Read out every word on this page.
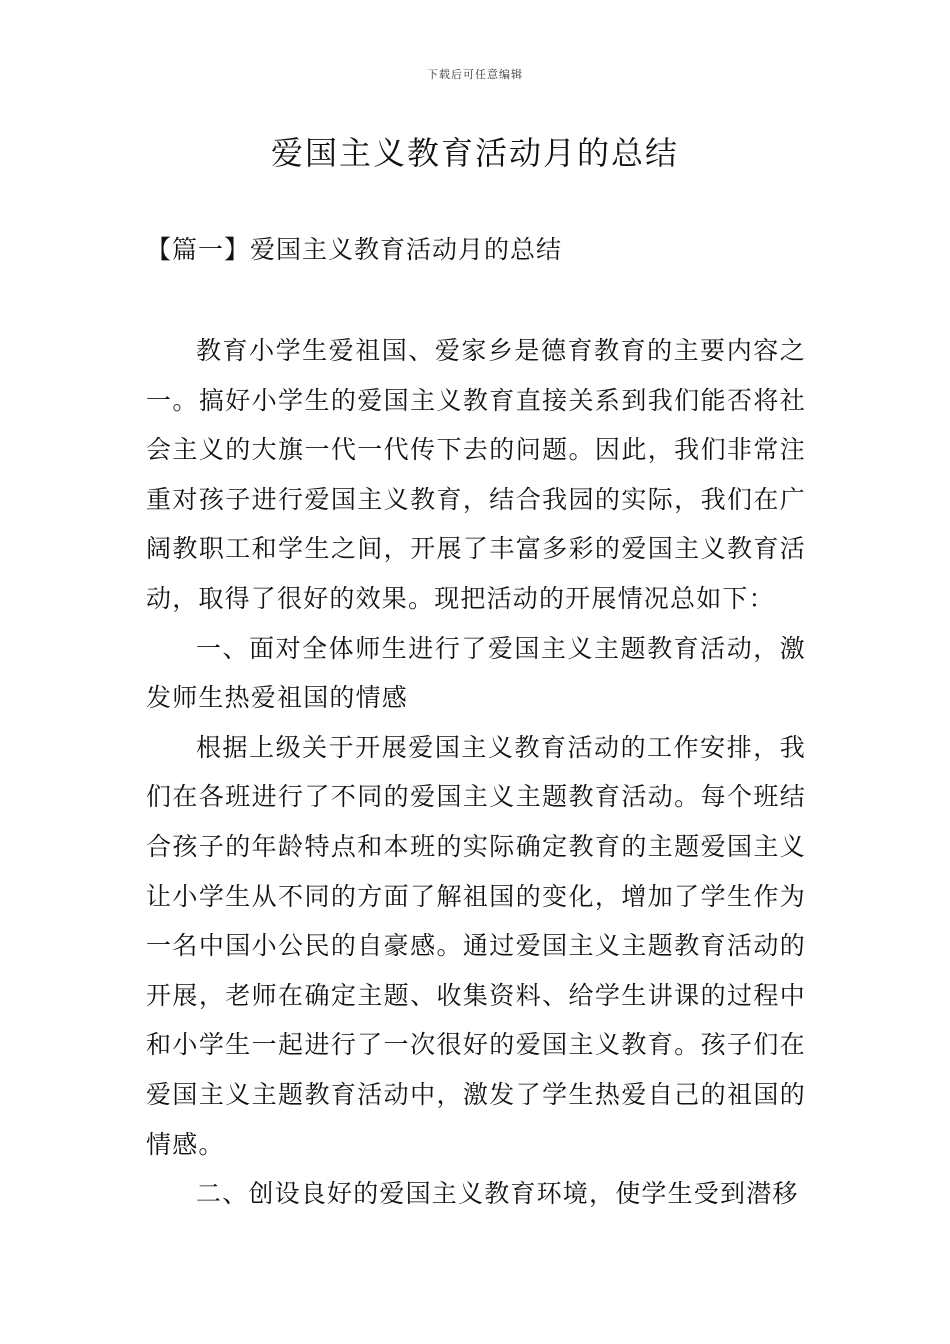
下载后可任意编辑
爱国主义教育活动月的总结
【篇一】爱国主义教育活动月的总结

教育小学生爱祖国、爱家乡是德育教育的主要内容之一。搞好小学生的爱国主义教育直接关系到我们能否将社会主义的大旗一代一代传下去的问题。因此，我们非常注重对孩子进行爱国主义教育，结合我园的实际，我们在广阔教职工和学生之间，开展了丰富多彩的爱国主义教育活动，取得了很好的效果。现把活动的开展情况总如下：

一、面对全体师生进行了爱国主义主题教育活动，激发师生热爱祖国的情感

根据上级关于开展爱国主义教育活动的工作安排，我们在各班进行了不同的爱国主义主题教育活动。每个班结合孩子的年龄特点和本班的实际确定教育的主题爱国主义让小学生从不同的方面了解祖国的变化，增加了学生作为一名中国小公民的自豪感。通过爱国主义主题教育活动的开展，老师在确定主题、收集资料、给学生讲课的过程中和小学生一起进行了一次很好的爱国主义教育。孩子们在爱国主义主题教育活动中，激发了学生热爱自己的祖国的情感。

二、创设良好的爱国主义教育环境，使学生受到潜移
